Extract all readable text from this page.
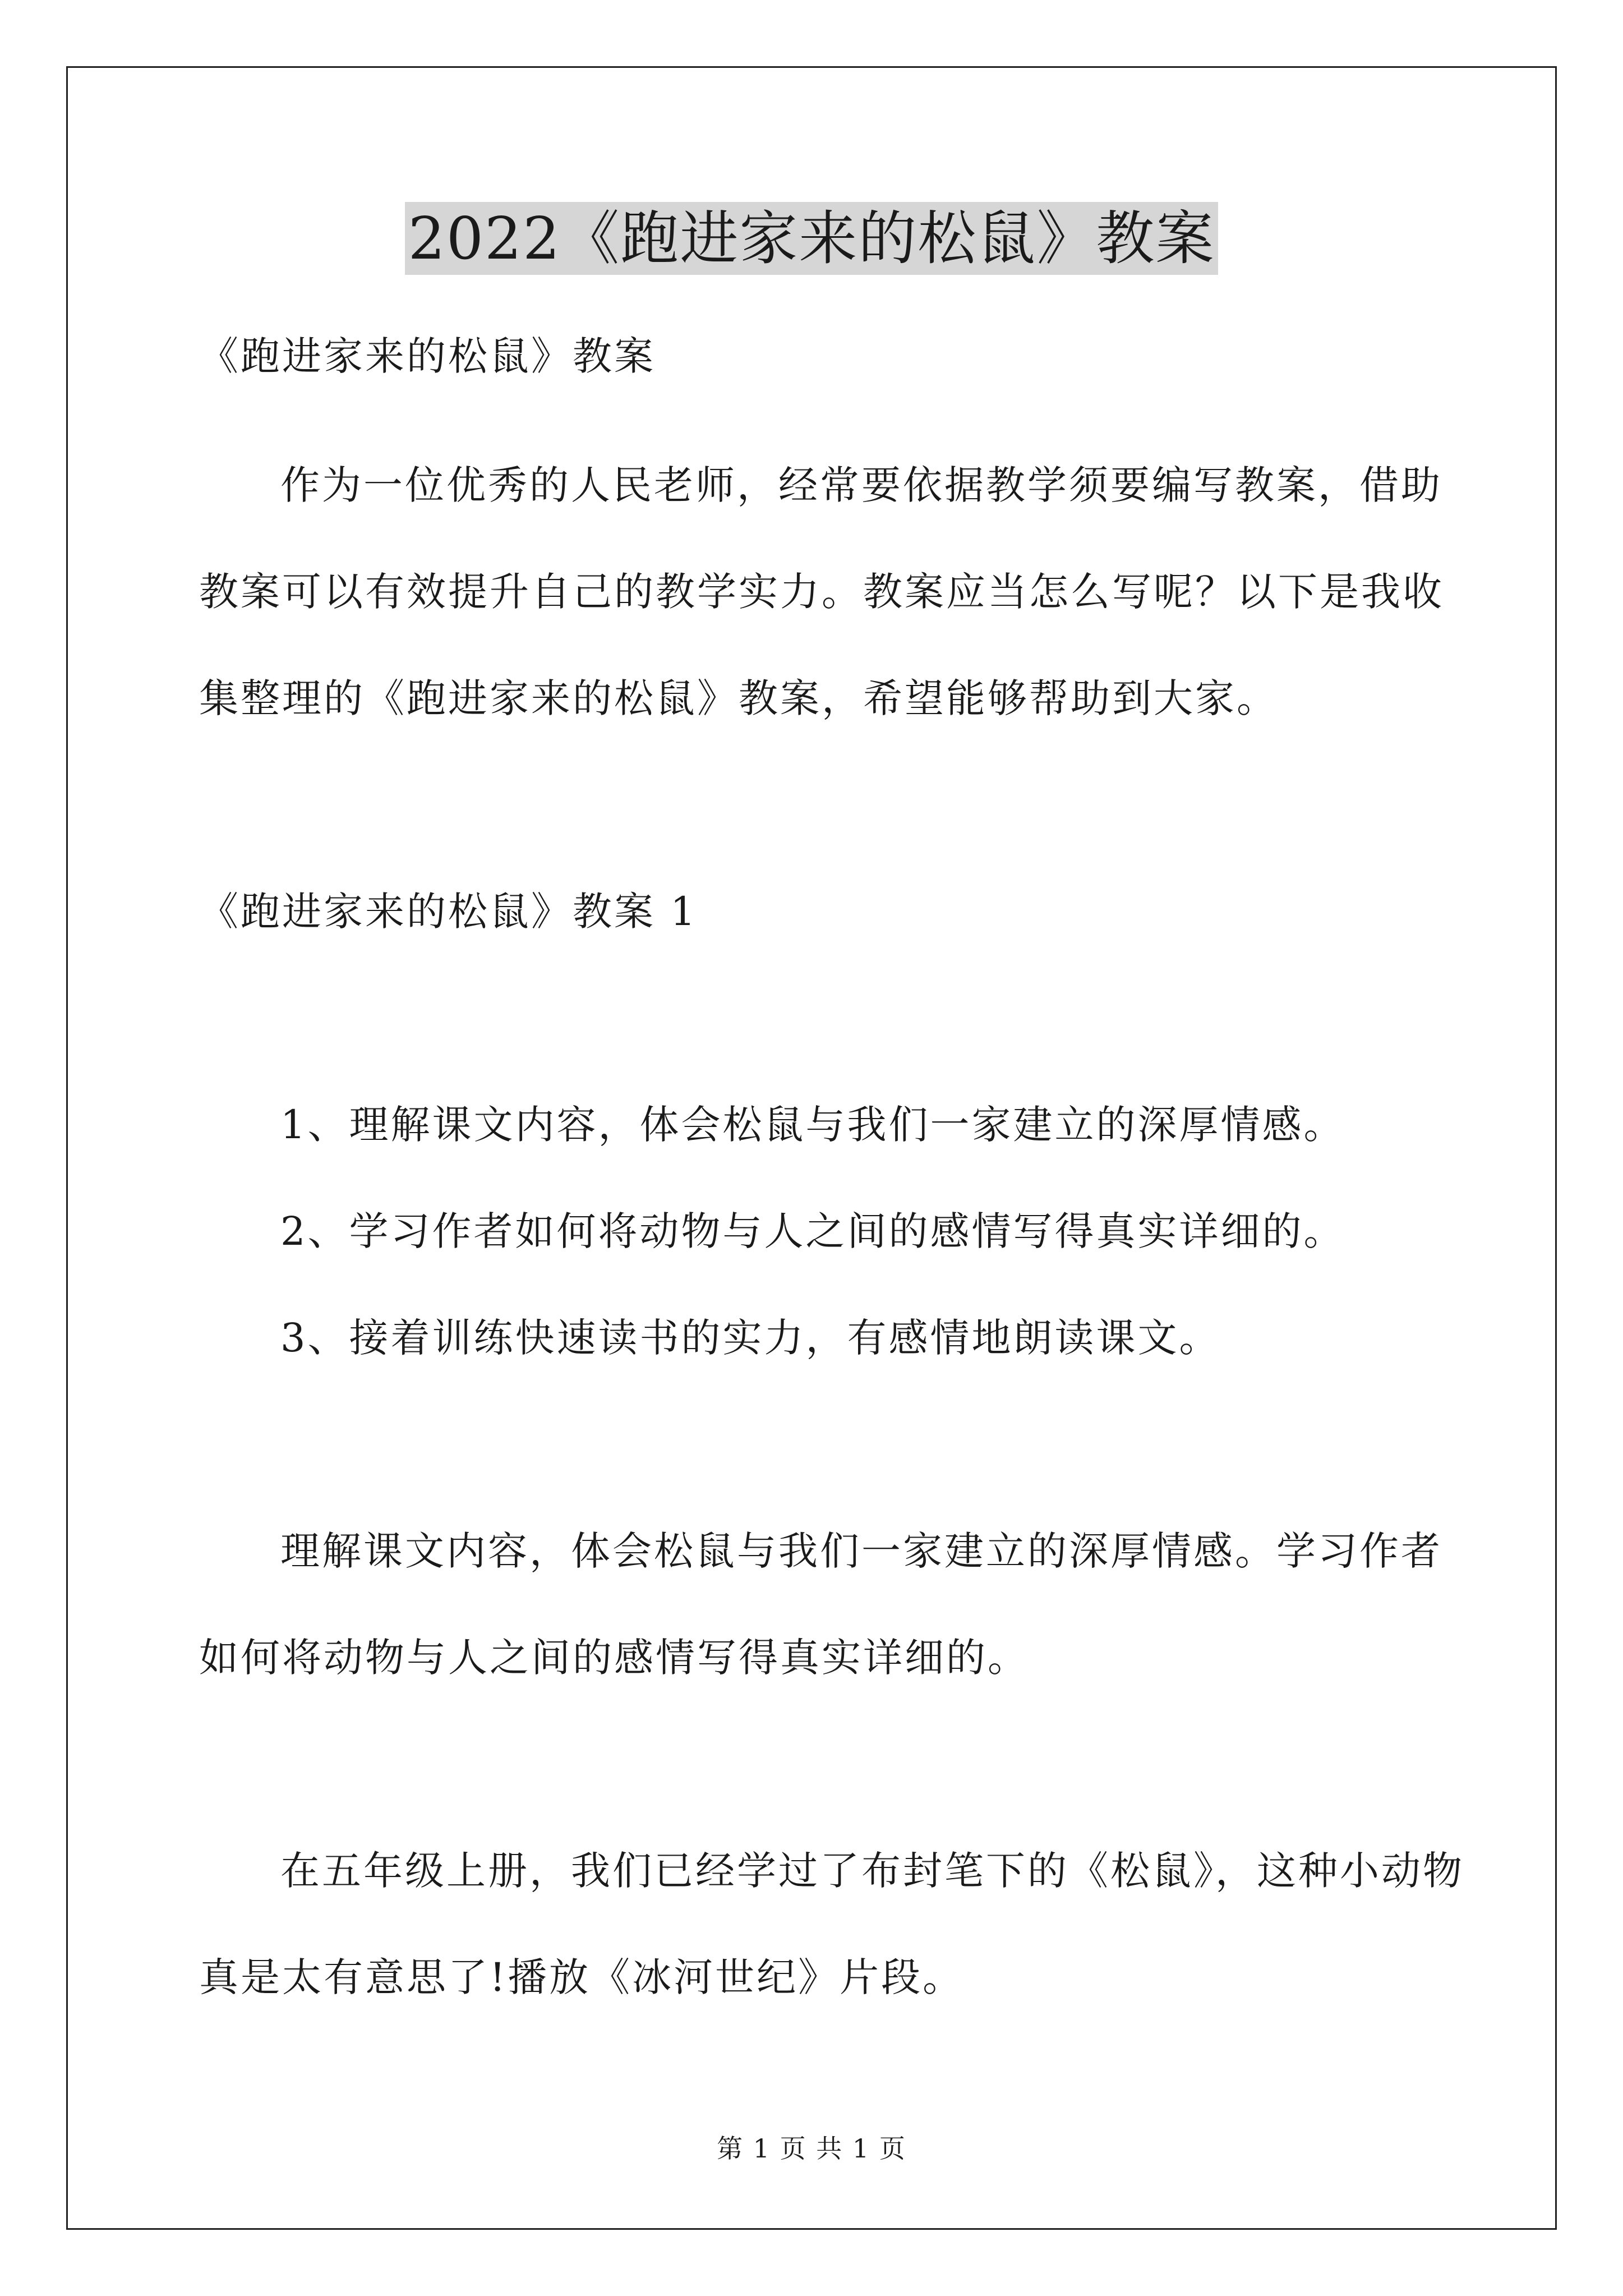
2022《跑进家来的松鼠》教案
《跑进家来的松鼠》教案
作为一位优秀的人民老师，经常要依据教学须要编写教案，借助
教案可以有效提升自己的教学实力。教案应当怎么写呢？以下是我收
集整理的《跑进家来的松鼠》教案，希望能够帮助到大家。
《跑进家来的松鼠》教案 1
1、理解课文内容，体会松鼠与我们一家建立的深厚情感。
2、学习作者如何将动物与人之间的感情写得真实详细的。
3、接着训练快速读书的实力，有感情地朗读课文。
理解课文内容，体会松鼠与我们一家建立的深厚情感。学习作者
如何将动物与人之间的感情写得真实详细的。
在五年级上册，我们已经学过了布封笔下的《松鼠》，这种小动物
真是太有意思了!播放《冰河世纪》片段。
第 1 页 共 1 页
